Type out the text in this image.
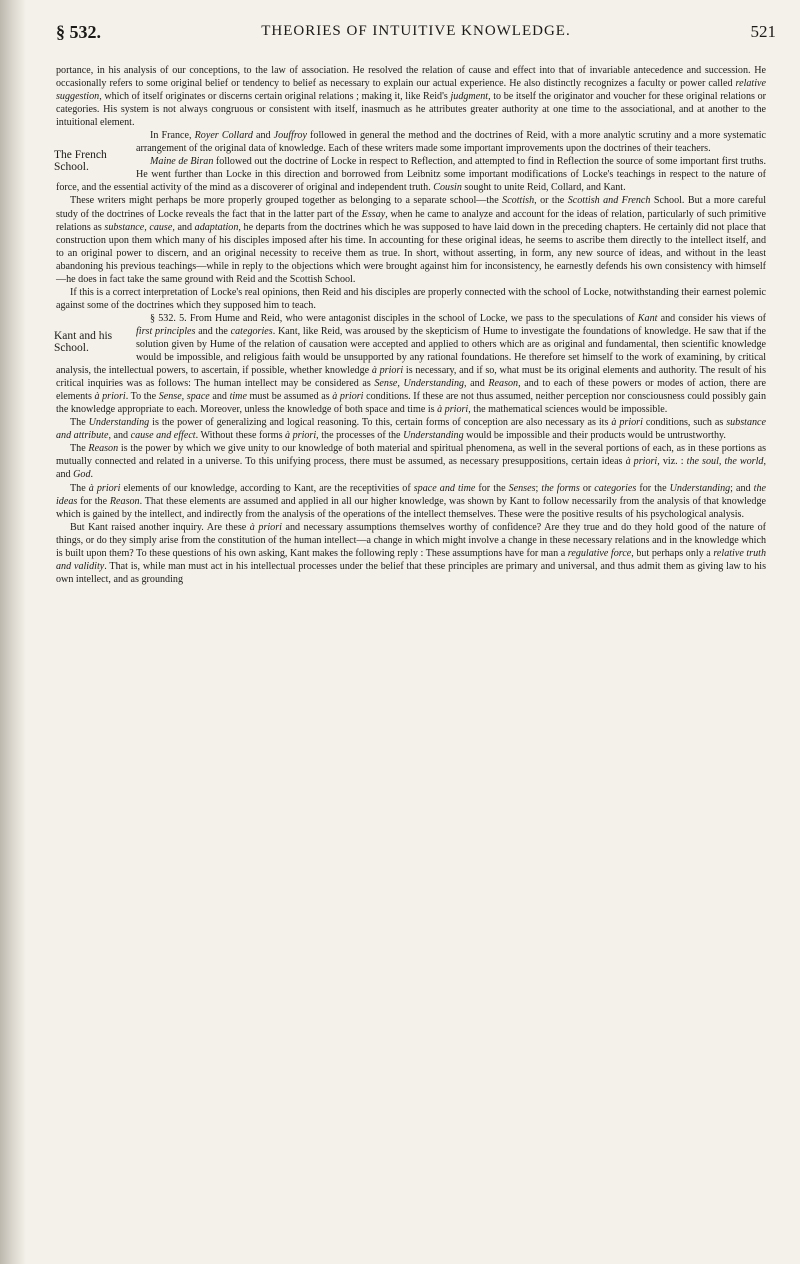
§ 532.	THEORIES OF INTUITIVE KNOWLEDGE.	521

portance, in his analysis of our conceptions, to the law of association. He resolved the relation of cause and effect into that of invariable antecedence and succession. He occasionally refers to some original belief or tendency to belief as necessary to explain our actual experience. He also distinctly recognizes a faculty or power called relative suggestion, which of itself originates or discerns certain original relations ; making it, like Reid's judgment, to be itself the originator and voucher for these original relations or categories. His system is not always congruous or consistent with itself, inasmuch as he attributes greater authority at one time to the associational, and at another to the intuitional element.

The French School.

In France, Royer Collard and Jouffroy followed in general the method and the doctrines of Reid, with a more analytic scrutiny and a more systematic arrangement of the original data of knowledge. Each of these writers made some important improvements upon the doctrines of their teachers.

Maine de Biran followed out the doctrine of Locke in respect to Reflection, and attempted to find in Reflection the source of some important first truths. He went further than Locke in this direction and borrowed from Leibnitz some important modifications of Locke's teachings in respect to the nature of force, and the essential activity of the mind as a discoverer of original and independent truth. Cousin sought to unite Reid, Collard, and Kant.

These writers might perhaps be more properly grouped together as belonging to a separate school—the Scottish, or the Scottish and French School. But a more careful study of the doctrines of Locke reveals the fact that in the latter part of the Essay, when he came to analyze and account for the ideas of relation, particularly of such primitive relations as substance, cause, and adaptation, he departs from the doctrines which he was supposed to have laid down in the preceding chapters. He certainly did not place that construction upon them which many of his disciples imposed after his time. In accounting for these original ideas, he seems to ascribe them directly to the intellect itself, and to an original power to discern, and an original necessity to receive them as true. In short, without asserting, in form, any new source of ideas, and without in the least abandoning his previous teachings—while in reply to the objections which were brought against him for inconsistency, he earnestly defends his own consistency with himself—he does in fact take the same ground with Reid and the Scottish School.

If this is a correct interpretation of Locke's real opinions, then Reid and his disciples are properly connected with the school of Locke, notwithstanding their earnest polemic against some of the doctrines which they supposed him to teach.

Kant and his School.

§ 532. 5. From Hume and Reid, who were antagonist disciples in the school of Locke, we pass to the speculations of Kant and consider his views of first principles and the categories. Kant, like Reid, was aroused by the skepticism of Hume to investigate the foundations of knowledge. He saw that if the solution given by Hume of the relation of causation were accepted and applied to others which are as original and fundamental, then scientific knowledge would be impossible, and religious faith would be unsupported by any rational foundations. He therefore set himself to the work of examining, by critical analysis, the intellectual powers, to ascertain, if possible, whether knowledge à priori is necessary, and if so, what must be its original elements and authority. The result of his critical inquiries was as follows: The human intellect may be considered as Sense, Understanding, and Reason, and to each of these powers or modes of action, there are elements à priori. To the Sense, space and time must be assumed as à priori conditions. If these are not thus assumed, neither perception nor consciousness could possibly gain the knowledge appropriate to each. Moreover, unless the knowledge of both space and time is à priori, the mathematical sciences would be impossible.

The Understanding is the power of generalizing and logical reasoning. To this, certain forms of conception are also necessary as its à priori conditions, such as substance and attribute, and cause and effect. Without these forms à priori, the processes of the Understanding would be impossible and their products would be untrustworthy.

The Reason is the power by which we give unity to our knowledge of both material and spiritual phenomena, as well in the several portions of each, as in these portions as mutually connected and related in a universe. To this unifying process, there must be assumed, as necessary presuppositions, certain ideas à priori, viz. : the soul, the world, and God.

The à priori elements of our knowledge, according to Kant, are the receptivities of space and time for the Senses; the forms or categories for the Understanding; and the ideas for the Reason. That these elements are assumed and applied in all our higher knowledge, was shown by Kant to follow necessarily from the analysis of that knowledge which is gained by the intellect, and indirectly from the analysis of the operations of the intellect themselves. These were the positive results of his psychological analysis.

But Kant raised another inquiry. Are these à priori and necessary assumptions themselves worthy of confidence? Are they true and do they hold good of the nature of things, or do they simply arise from the constitution of the human intellect—a change in which might involve a change in these necessary relations and in the knowledge which is built upon them? To these questions of his own asking, Kant makes the following reply : These assumptions have for man a regulative force, but perhaps only a relative truth and validity. That is, while man must act in his intellectual processes under the belief that these principles are primary and universal, and thus admit them as giving law to his own intellect, and as grounding
